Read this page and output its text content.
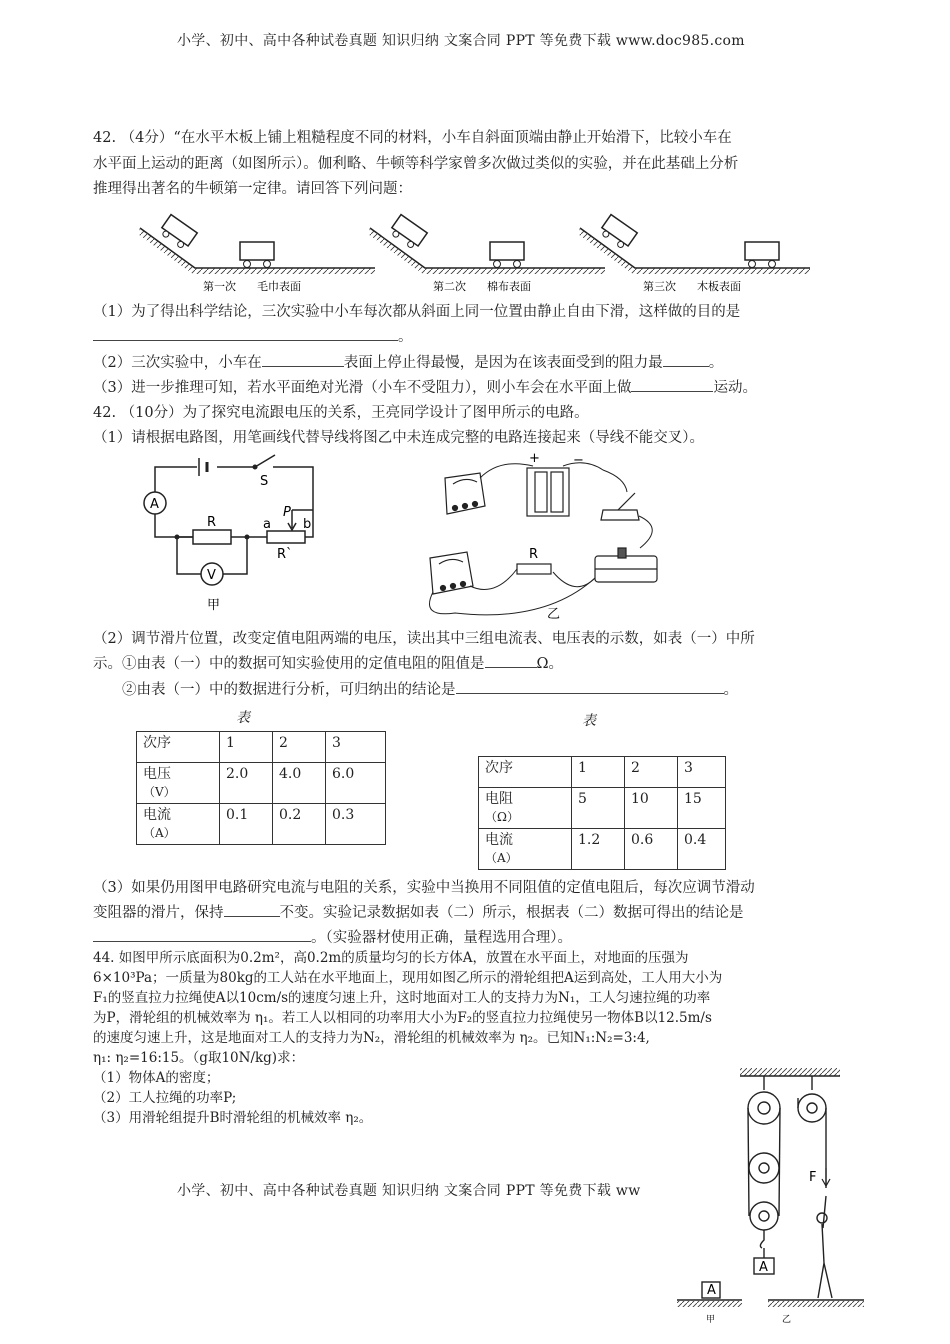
小学、初中、高中各种试卷真题 知识归纳 文案合同 PPT 等免费下载 www.doc985.com
42. （4分）“在水平木板上铺上粗糙程度不同的材料，小车自斜面顶端由静止开始滑下，比较小车在
水平面上运动的距离（如图所示）。伽利略、牛顿等科学家曾多次做过类似的实验，并在此基础上分析
推理得出著名的牛顿第一定律。请回答下列问题：
第一次 毛巾表面	第二次 棉布表面	第三次 木板表面
（1）为了得出科学结论，三次实验中小车每次都从斜面上同一位置由静止自由下滑，这样做的目的是
。
（2）三次实验中，小车在	表面上停止得最慢，是因为在该表面受到的阻力最	。
（3）进一步推理可知，若水平面绝对光滑（小车不受阻力），则小车会在水平面上做	运动。
42. （10分）为了探究电流跟电压的关系，王亮同学设计了图甲所示的电路。
（1）请根据电路图，用笔画线代替导线将图乙中未连成完整的电路连接起来（导线不能交叉）。
A
V
S
P
R	a b
R`
甲
+	−
R
乙
（2）调节滑片位置，改变定值电阻两端的电压，读出其中三组电流表、电压表的示数，如表（一）中所
示。①由表（一）中的数据可知实验使用的定值电阻的阻值是	Ω。
②由表（一）中的数据进行分析，可归纳出的结论是	。
表
次序	1	2	3

电压
（V）	2.0	4.0	6.0

电流
（A）	0.1	0.2	0.3
表
次序	1	2	3

电阻
（Ω）	5	10	15

电流
（A）	1.2	0.6	0.4
（3）如果仍用图甲电路研究电流与电阻的关系，实验中当换用不同阻值的定值电阻后，每次应调节滑动
变阻器的滑片，保持	不变。实验记录数据如表（二）所示，根据表（二）数据可得出的结论是
。（实验器材使用正确，量程选用合理）。
44. 如图甲所示底面积为0.2m²，高0.2m的质量均匀的长方体A，放置在水平面上，对地面的压强为
6×10³Pa；一质量为80kg的工人站在水平地面上，现用如图乙所示的滑轮组把A运到高处，工人用大小为
F₁的竖直拉力拉绳使A以10cm/s的速度匀速上升，这时地面对工人的支持力为N₁，工人匀速拉绳的功率
为P，滑轮组的机械效率为 η₁。若工人以相同的功率用大小为F₂的竖直拉力拉绳使另一物体B以12.5m/s
的速度匀速上升，这是地面对工人的支持力为N₂，滑轮组的机械效率为 η₂。已知N₁:N₂=3:4,
η₁: η₂=16:15。（g取10N/kg)求：
（1）物体A的密度；
（2）工人拉绳的功率P;
（3）用滑轮组提升B时滑轮组的机械效率 η₂。
F
A
A
甲	乙
小学、初中、高中各种试卷真题 知识归纳 文案合同 PPT 等免费下载 ww
